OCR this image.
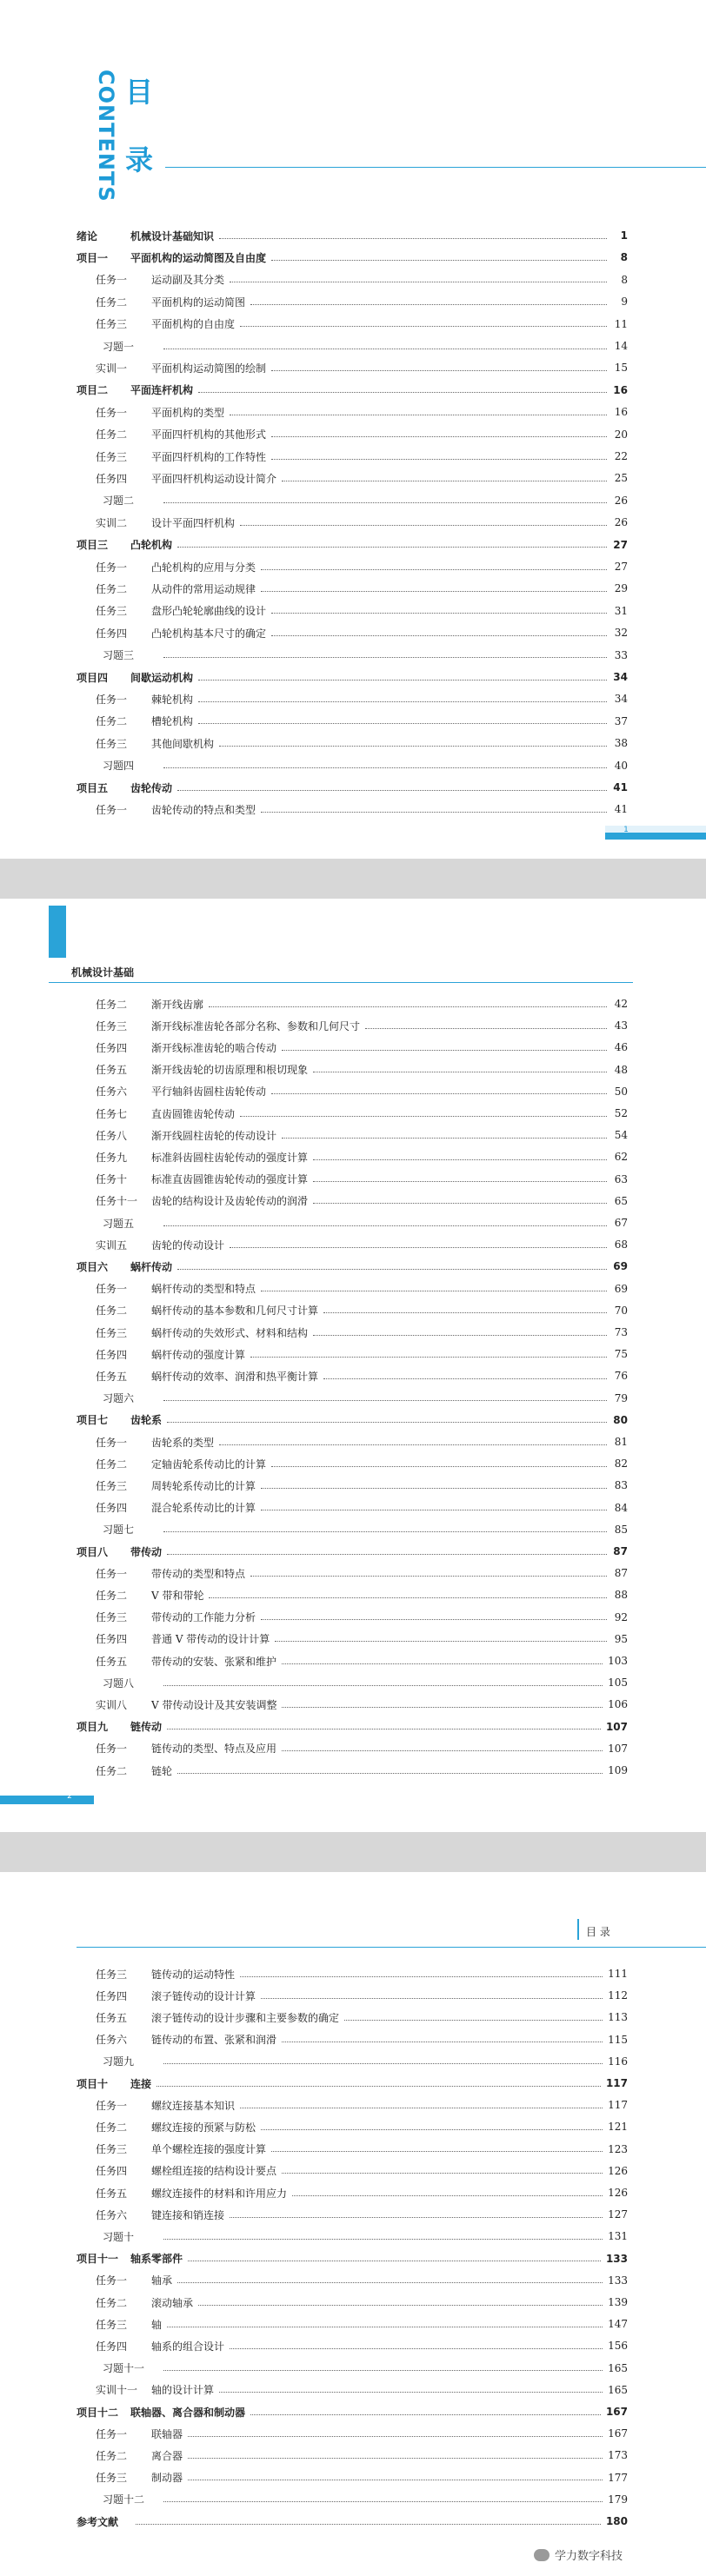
CONTENTS 目
录
绪论	机械设计基础知识	1
项目一	平面机构的运动简图及自由度	8
任务一	运动副及其分类	8
任务二	平面机构的运动简图	9
任务三	平面机构的自由度	11
习题一	14
实训一	平面机构运动简图的绘制	15
项目二	平面连杆机构	16
任务一	平面机构的类型	16
任务二	平面四杆机构的其他形式	20
任务三	平面四杆机构的工作特性	22
任务四	平面四杆机构运动设计简介	25
习题二	26
实训二	设计平面四杆机构	26
项目三	凸轮机构	27
任务一	凸轮机构的应用与分类	27
任务二	从动件的常用运动规律	29
任务三	盘形凸轮轮廓曲线的设计	31
任务四	凸轮机构基本尺寸的确定	32
习题三	33
项目四	间歇运动机构	34
任务一	棘轮机构	34
任务二	槽轮机构	37
任务三	其他间歇机构	38
习题四	40
项目五	齿轮传动	41
任务一	齿轮传动的特点和类型	41
1
机械设计基础
任务二	渐开线齿廓	42
任务三	渐开线标准齿轮各部分名称、参数和几何尺寸	43
任务四	渐开线标准齿轮的啮合传动	46
任务五	渐开线齿轮的切齿原理和根切现象	48
任务六	平行轴斜齿圆柱齿轮传动	50
任务七	直齿圆锥齿轮传动	52
任务八	渐开线圆柱齿轮的传动设计	54
任务九	标准斜齿圆柱齿轮传动的强度计算	62
任务十	标准直齿圆锥齿轮传动的强度计算	63
任务十一	齿轮的结构设计及齿轮传动的润滑	65
习题五	67
实训五	齿轮的传动设计	68
项目六	蜗杆传动	69
任务一	蜗杆传动的类型和特点	69
任务二	蜗杆传动的基本参数和几何尺寸计算	70
任务三	蜗杆传动的失效形式、材料和结构	73
任务四	蜗杆传动的强度计算	75
任务五	蜗杆传动的效率、润滑和热平衡计算	76
习题六	79
项目七	齿轮系	80
任务一	齿轮系的类型	81
任务二	定轴齿轮系传动比的计算	82
任务三	周转轮系传动比的计算	83
任务四	混合轮系传动比的计算	84
习题七	85
项目八	带传动	87
任务一	带传动的类型和特点	87
任务二	V 带和带轮	88
任务三	带传动的工作能力分析	92
任务四	普通 V 带传动的设计计算	95
任务五	带传动的安装、张紧和维护	103
习题八	105
实训八	V 带传动设计及其安装调整	106
项目九	链传动	107
任务一	链传动的类型、特点及应用	107
任务二	链轮	109
2
目 录
任务三	链传动的运动特性	111
任务四	滚子链传动的设计计算	112
任务五	滚子链传动的设计步骤和主要参数的确定	113
任务六	链传动的布置、张紧和润滑	115
习题九	116
项目十	连接	117
任务一	螺纹连接基本知识	117
任务二	螺纹连接的预紧与防松	121
任务三	单个螺栓连接的强度计算	123
任务四	螺栓组连接的结构设计要点	126
任务五	螺纹连接件的材料和许用应力	126
任务六	键连接和销连接	127
习题十	131
项目十一	轴系零部件	133
任务一	轴承	133
任务二	滚动轴承	139
任务三	轴	147
任务四	轴系的组合设计	156
习题十一	165
实训十一	轴的设计计算	165
项目十二	联轴器、离合器和制动器	167
任务一	联轴器	167
任务二	离合器	173
任务三	制动器	177
习题十二	179
参考文献	180
学力数字科技
